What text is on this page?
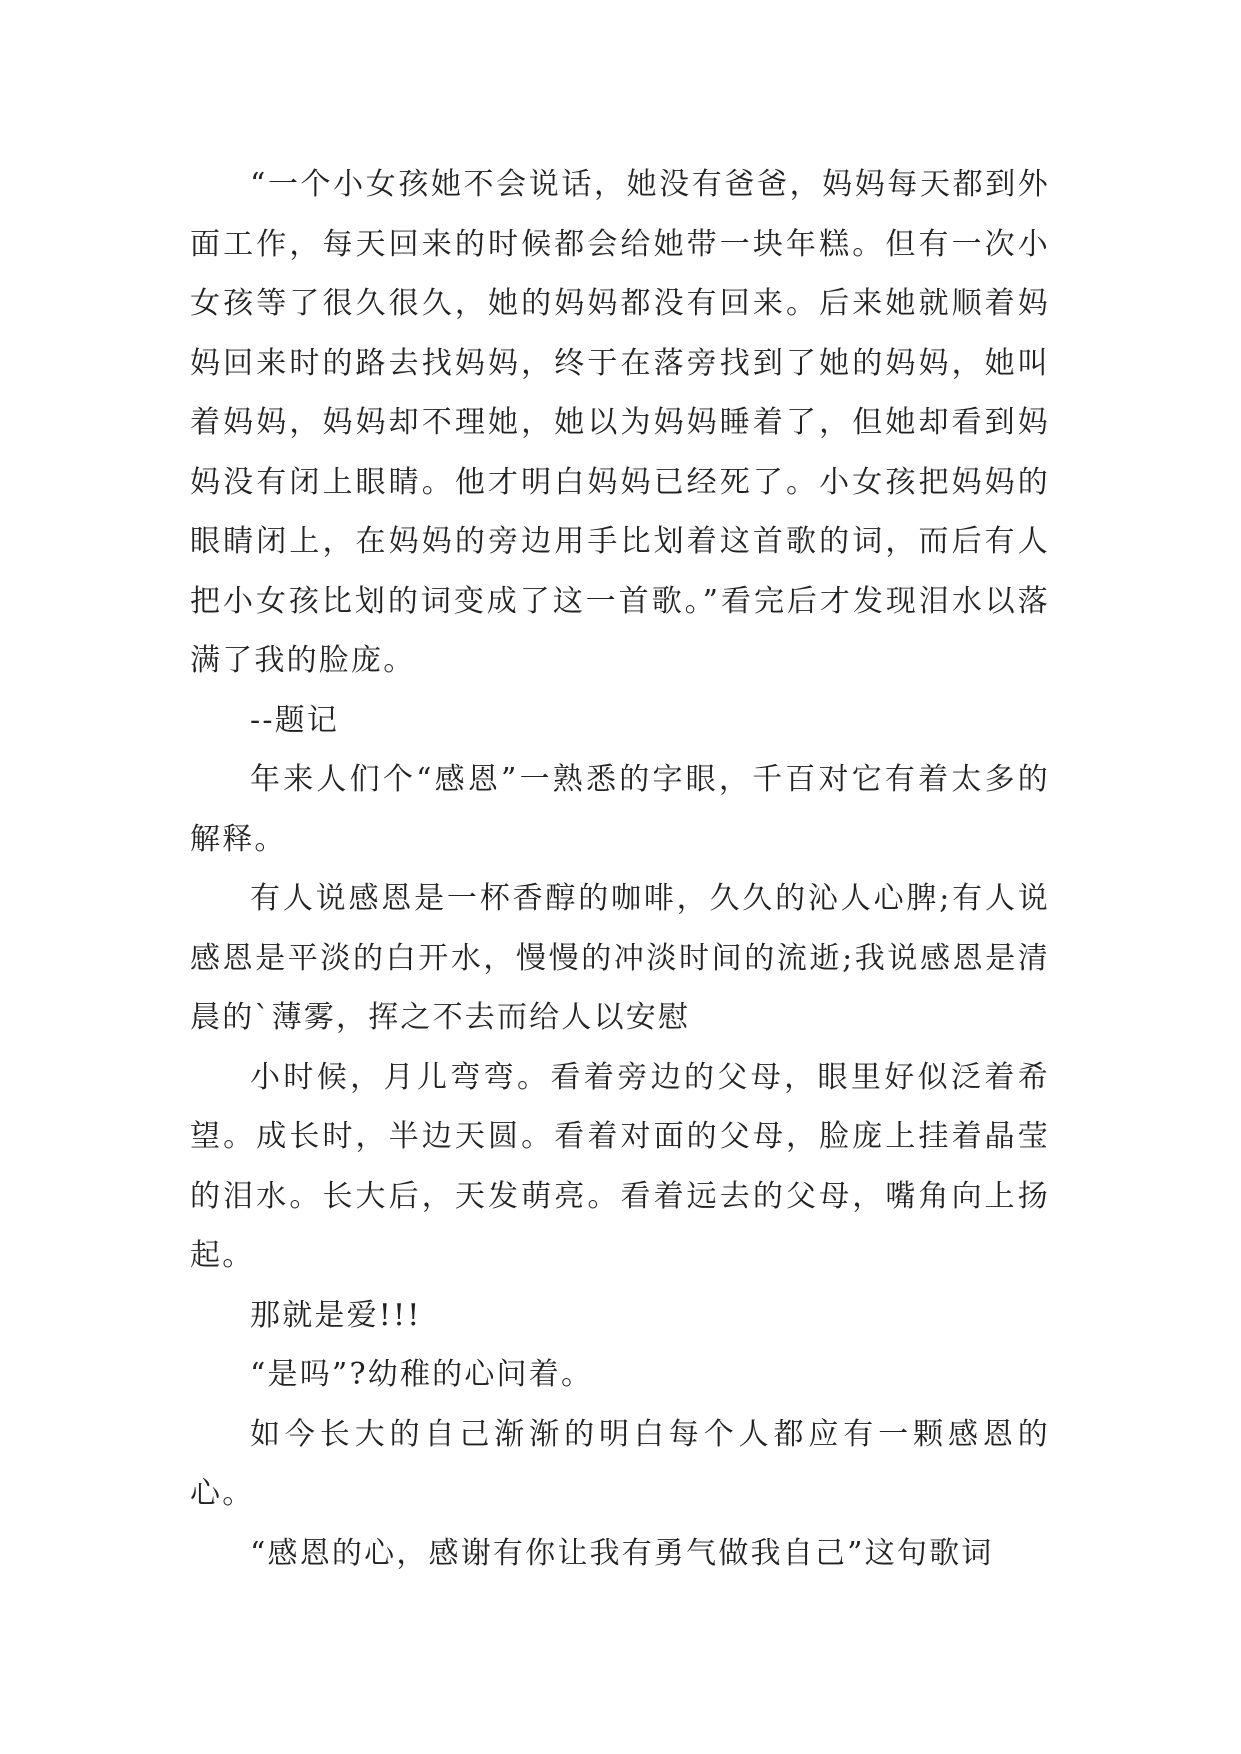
“一个小女孩她不会说话，她没有爸爸，妈妈每天都到外面工作，每天回来的时候都会给她带一块年糕。但有一次小女孩等了很久很久，她的妈妈都没有回来。后来她就顺着妈妈回来时的路去找妈妈，终于在落旁找到了她的妈妈，她叫着妈妈，妈妈却不理她，她以为妈妈睡着了，但她却看到妈妈没有闭上眼睛。他才明白妈妈已经死了。小女孩把妈妈的眼睛闭上，在妈妈的旁边用手比划着这首歌的词，而后有人把小女孩比划的词变成了这一首歌。”看完后才发现泪水以落满了我的脸庞。

--题记

年来人们个“感恩”一熟悉的字眼，千百对它有着太多的解释。

有人说感恩是一杯香醇的咖啡，久久的沁人心脾;有人说感恩是平淡的白开水，慢慢的冲淡时间的流逝;我说感恩是清晨的`薄雾，挥之不去而给人以安慰

小时候，月儿弯弯。看着旁边的父母，眼里好似泛着希望。成长时，半边天圆。看着对面的父母，脸庞上挂着晶莹的泪水。长大后，天发萌亮。看着远去的父母，嘴角向上扬起。

那就是爱!!!

“是吗”?幼稚的心问着。

如今长大的自己渐渐的明白每个人都应有一颗感恩的心。

“感恩的心，感谢有你让我有勇气做我自己”这句歌词
